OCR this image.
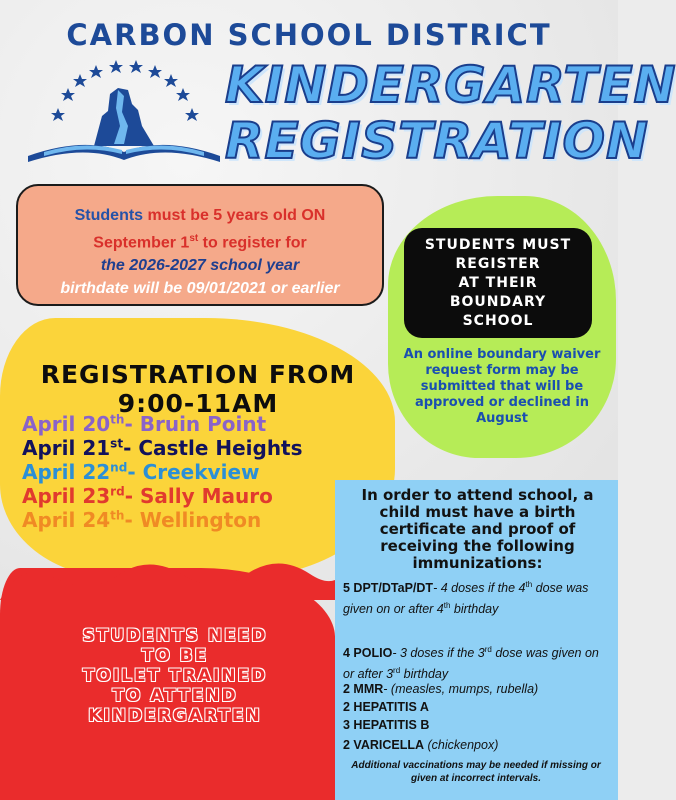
CARBON SCHOOL DISTRICT
KINDERGARTEN
REGISTRATION
Students must be 5 years old ON
September 1st to register for
the 2026-2027 school year
birthdate will be 09/01/2021 or earlier
STUDENTS MUST
REGISTER
AT THEIR
BOUNDARY
SCHOOL
An online boundary waiver request form may be submitted that will be approved or declined in August
REGISTRATION FROM
9:00-11AM
April 20th- Bruin Point
April 21st- Castle Heights
April 22nd- Creekview
April 23rd- Sally Mauro
April 24th- Wellington
STUDENTS NEED
TO BE
TOILET TRAINED
TO ATTEND
KINDERGARTEN
In order to attend school, a child must have a birth certificate and proof of receiving the following immunizations:
5 DPT/DTaP/DT- 4 doses if the 4th dose was given on or after 4th birthday
4 POLIO- 3 doses if the 3rd dose was given on or after 3rd birthday
2 MMR- (measles, mumps, rubella)
2 HEPATITIS A
3 HEPATITIS B
2 VARICELLA (chickenpox)
Additional vaccinations may be needed if missing or given at incorrect intervals.
